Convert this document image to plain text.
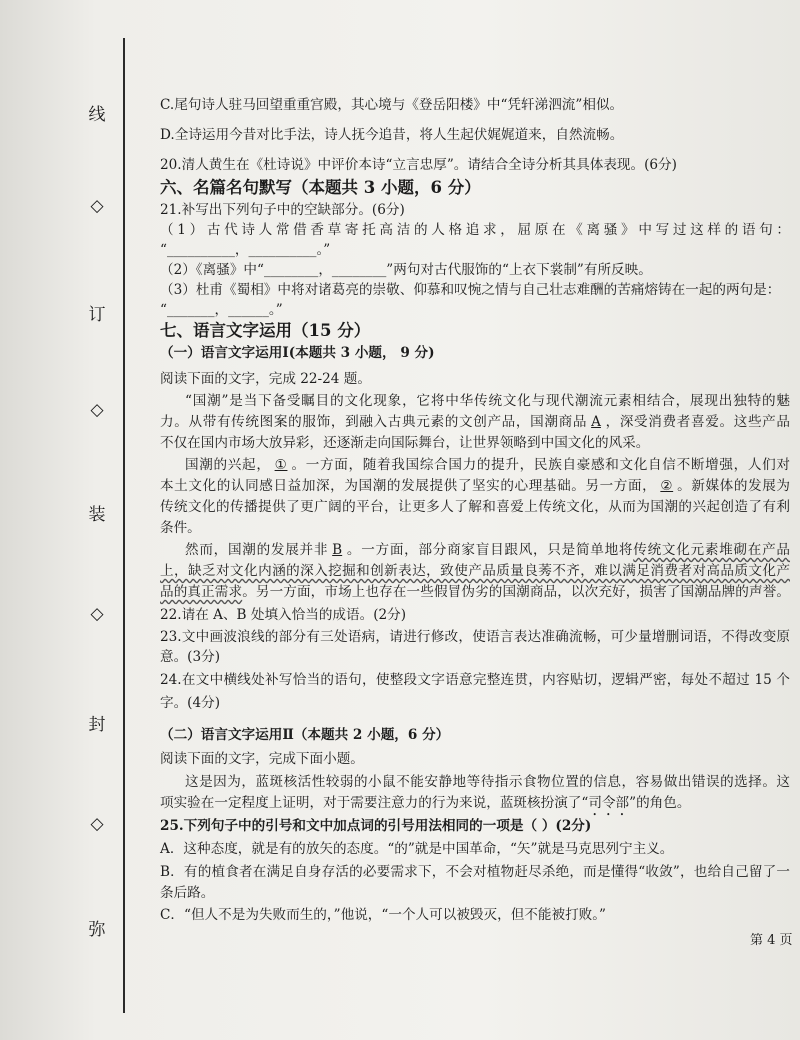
线
◇
订
◇
装
◇
封
◇
弥
C.尾句诗人驻马回望重重宫殿，其心境与《登岳阳楼》中“凭轩涕泗流”相似。
D.全诗运用今昔对比手法，诗人抚今追昔，将人生起伏娓娓道来，自然流畅。
20.清人黄生在《杜诗说》中评价本诗“立言忠厚”。请结合全诗分析其具体表现。(6分)
六、名篇名句默写（本题共 3 小题，6 分）
21.补写出下列句子中的空缺部分。(6分)
（1）古代诗人常借香草寄托高洁的人格追求，屈原在《离骚》中写过这样的语句：
“__________，__________。”
（2）《离骚》中“________，________”两句对古代服饰的“上衣下裳制”有所反映。
（3）杜甫《蜀相》中将对诸葛亮的崇敬、仰慕和叹惋之情与自己壮志难酬的苦痛熔铸在一起的两句是：
“_______，______。”
七、语言文字运用（15 分）
（一）语言文字运用Ⅰ(本题共 3 小题， 9 分)
阅读下面的文字，完成 22-24 题。
“国潮”是当下备受瞩目的文化现象，它将中华传统文化与现代潮流元素相结合，展现出独特的魅
力。从带有传统图案的服饰，到融入古典元素的文创产品，国潮商品 A ，深受消费者喜爱。这些产品
不仅在国内市场大放异彩，还逐渐走向国际舞台，让世界领略到中国文化的风采。
国潮的兴起， ① 。一方面，随着我国综合国力的提升，民族自豪感和文化自信不断增强，人们对
本土文化的认同感日益加深，为国潮的发展提供了坚实的心理基础。另一方面， ② 。新媒体的发展为
传统文化的传播提供了更广阔的平台，让更多人了解和喜爱上传统文化，从而为国潮的兴起创造了有利
条件。
然而，国潮的发展并非 B 。一方面，部分商家盲目跟风，只是简单地将传统文化元素堆砌在产品
上，缺乏对文化内涵的深入挖掘和创新表达，致使产品质量良莠不齐，难以满足消费者对高品质文化产
品的真正需求。另一方面，市场上也存在一些假冒伪劣的国潮商品，以次充好，损害了国潮品牌的声誉。
22.请在 A、B 处填入恰当的成语。(2分)
23.文中画波浪线的部分有三处语病，请进行修改，使语言表达准确流畅，可少量增删词语，不得改变原
意。(3分)
24.在文中横线处补写恰当的语句，使整段文字语意完整连贯，内容贴切，逻辑严密，每处不超过 15 个
字。(4分)
（二）语言文字运用Ⅱ（本题共 2 小题，6 分）
阅读下面的文字，完成下面小题。
这是因为，蓝斑核活性较弱的小鼠不能安静地等待指示食物位置的信息，容易做出错误的选择。这
项实验在一定程度上证明，对于需要注意力的行为来说，蓝斑核扮演了“司令部”的角色。
25.下列句子中的引号和文中加点词的引号用法相同的一项是（ ）(2分)
A．这种态度，就是有的放矢的态度。“的”就是中国革命，“矢”就是马克思列宁主义。
B．有的植食者在满足自身存活的必要需求下，不会对植物赶尽杀绝，而是懂得“收敛”，也给自己留了一
条后路。
C．“但人不是为失败而生的，”他说，“一个人可以被毁灭，但不能被打败。”
第 4 页
